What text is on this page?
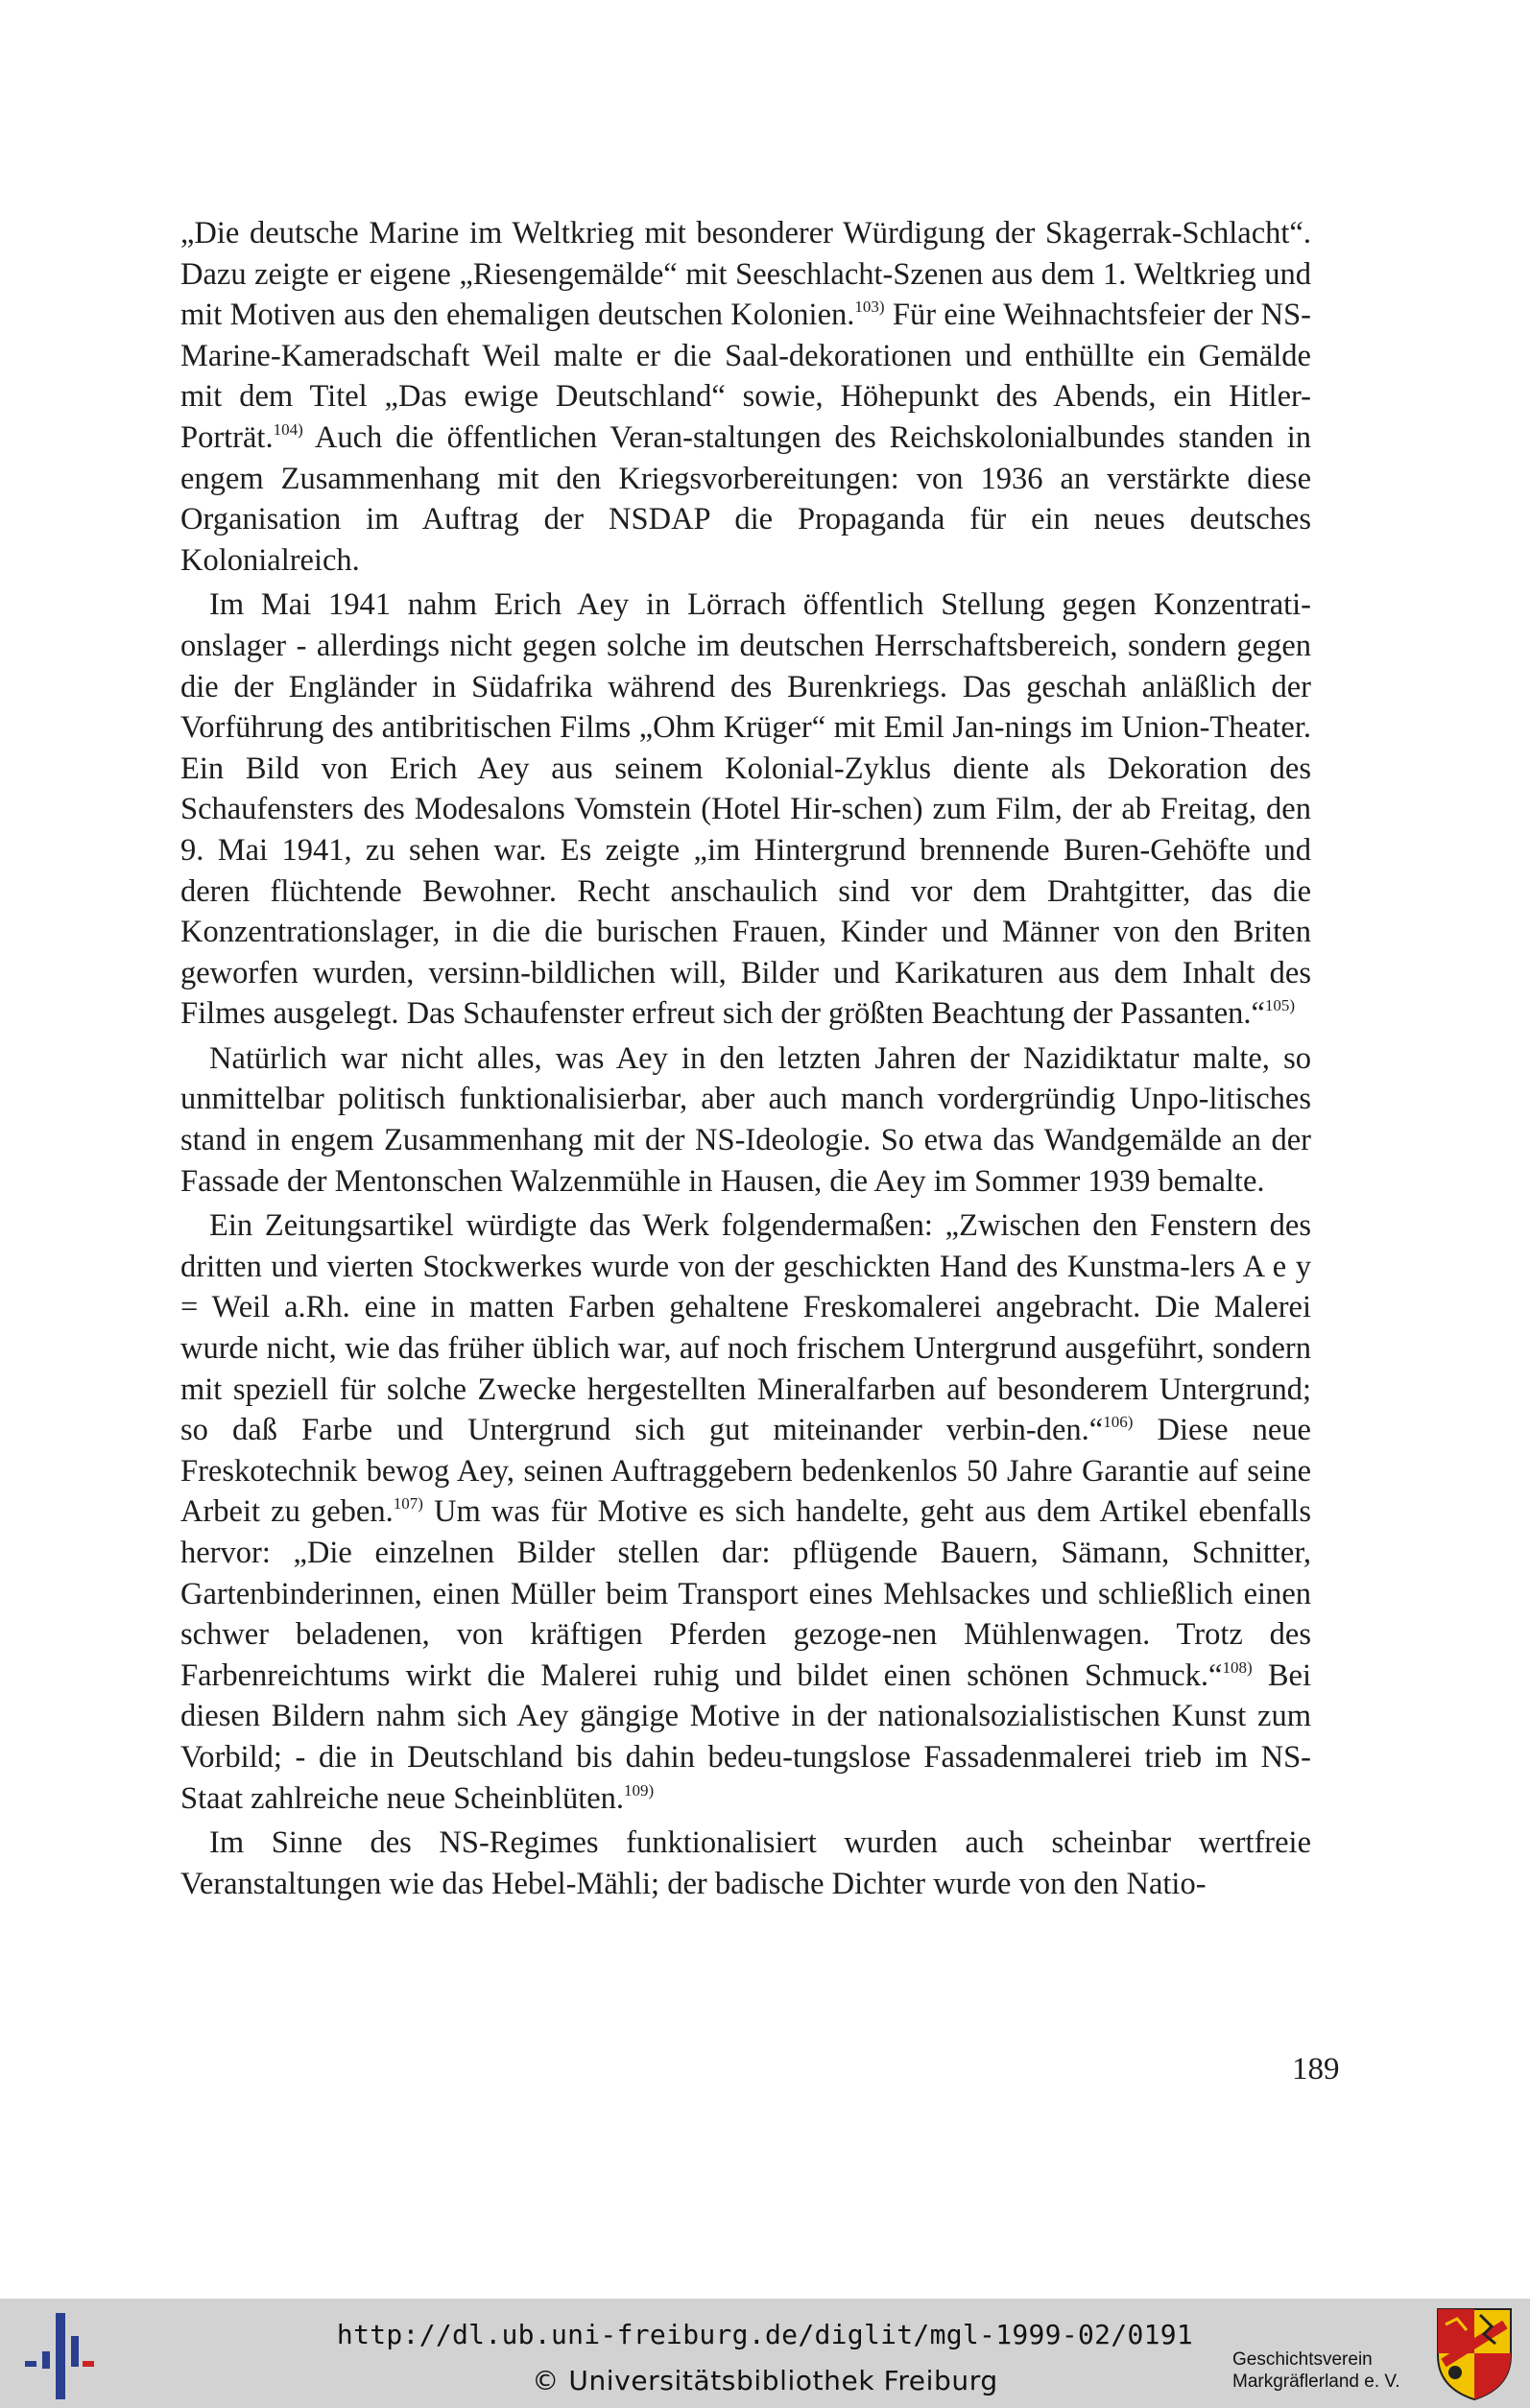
„Die deutsche Marine im Weltkrieg mit besonderer Würdigung der Skagerrak-Schlacht“. Dazu zeigte er eigene „Riesengemälde“ mit Seeschlacht-Szenen aus dem 1. Weltkrieg und mit Motiven aus den ehemaligen deutschen Kolonien.$^{103)}$ Für eine Weihnachtsfeier der NS-Marine-Kameradschaft Weil malte er die Saal-dekorationen und enthüllte ein Gemälde mit dem Titel „Das ewige Deutschland“ sowie, Höhepunkt des Abends, ein Hitler-Porträt.$^{104)}$ Auch die öffentlichen Veran-staltungen des Reichskolonialbundes standen in engem Zusammenhang mit den Kriegsvorbereitungen: von 1936 an verstärkte diese Organisation im Auftrag der NSDAP die Propaganda für ein neues deutsches Kolonialreich.

Im Mai 1941 nahm Erich Aey in Lörrach öffentlich Stellung gegen Konzentrati-onslager - allerdings nicht gegen solche im deutschen Herrschaftsbereich, sondern gegen die der Engländer in Südafrika während des Burenkriegs. Das geschah anläßlich der Vorführung des antibritischen Films „Ohm Krüger“ mit Emil Jan-nings im Union-Theater. Ein Bild von Erich Aey aus seinem Kolonial-Zyklus diente als Dekoration des Schaufensters des Modesalons Vomstein (Hotel Hir-schen) zum Film, der ab Freitag, den 9. Mai 1941, zu sehen war. Es zeigte „im Hintergrund brennende Buren-Gehöfte und deren flüchtende Bewohner. Recht anschaulich sind vor dem Drahtgitter, das die Konzentrationslager, in die die burischen Frauen, Kinder und Männer von den Briten geworfen wurden, versinn-bildlichen will, Bilder und Karikaturen aus dem Inhalt des Filmes ausgelegt. Das Schaufenster erfreut sich der größten Beachtung der Passanten.“$^{105)}$

Natürlich war nicht alles, was Aey in den letzten Jahren der Nazidiktatur malte, so unmittelbar politisch funktionalisierbar, aber auch manch vordergründig Unpo-litisches stand in engem Zusammenhang mit der NS-Ideologie. So etwa das Wandgemälde an der Fassade der Mentonschen Walzenmühle in Hausen, die Aey im Sommer 1939 bemalte.

Ein Zeitungsartikel würdigte das Werk folgendermaßen: „Zwischen den Fenstern des dritten und vierten Stockwerkes wurde von der geschickten Hand des Kunstma-lers A e y = Weil a.Rh. eine in matten Farben gehaltene Freskomalerei angebracht. Die Malerei wurde nicht, wie das früher üblich war, auf noch frischem Untergrund ausgeführt, sondern mit speziell für solche Zwecke hergestellten Mineralfarben auf besonderem Untergrund; so daß Farbe und Untergrund sich gut miteinander verbin-den.“$^{106)}$ Diese neue Freskotechnik bewog Aey, seinen Auftraggebern bedenkenlos 50 Jahre Garantie auf seine Arbeit zu geben.$^{107)}$ Um was für Motive es sich handelte, geht aus dem Artikel ebenfalls hervor: „Die einzelnen Bilder stellen dar: pflügende Bauern, Sämann, Schnitter, Gartenbinderinnen, einen Müller beim Transport eines Mehlsackes und schließlich einen schwer beladenen, von kräftigen Pferden gezoge-nen Mühlenwagen. Trotz des Farbenreichtums wirkt die Malerei ruhig und bildet einen schönen Schmuck.“$^{108)}$ Bei diesen Bildern nahm sich Aey gängige Motive in der nationalsozialistischen Kunst zum Vorbild; - die in Deutschland bis dahin bedeu-tungslose Fassadenmalerei trieb im NS-Staat zahlreiche neue Scheinblüten.$^{109)}$

Im Sinne des NS-Regimes funktionalisiert wurden auch scheinbar wertfreie Veranstaltungen wie das Hebel-Mähli; der badische Dichter wurde von den Natio-

189
http://dl.ub.uni-freiburg.de/diglit/mgl-1999-02/0191
© Universitätsbibliothek Freiburg
Geschichtsverein
Markgräflerland e. V.
